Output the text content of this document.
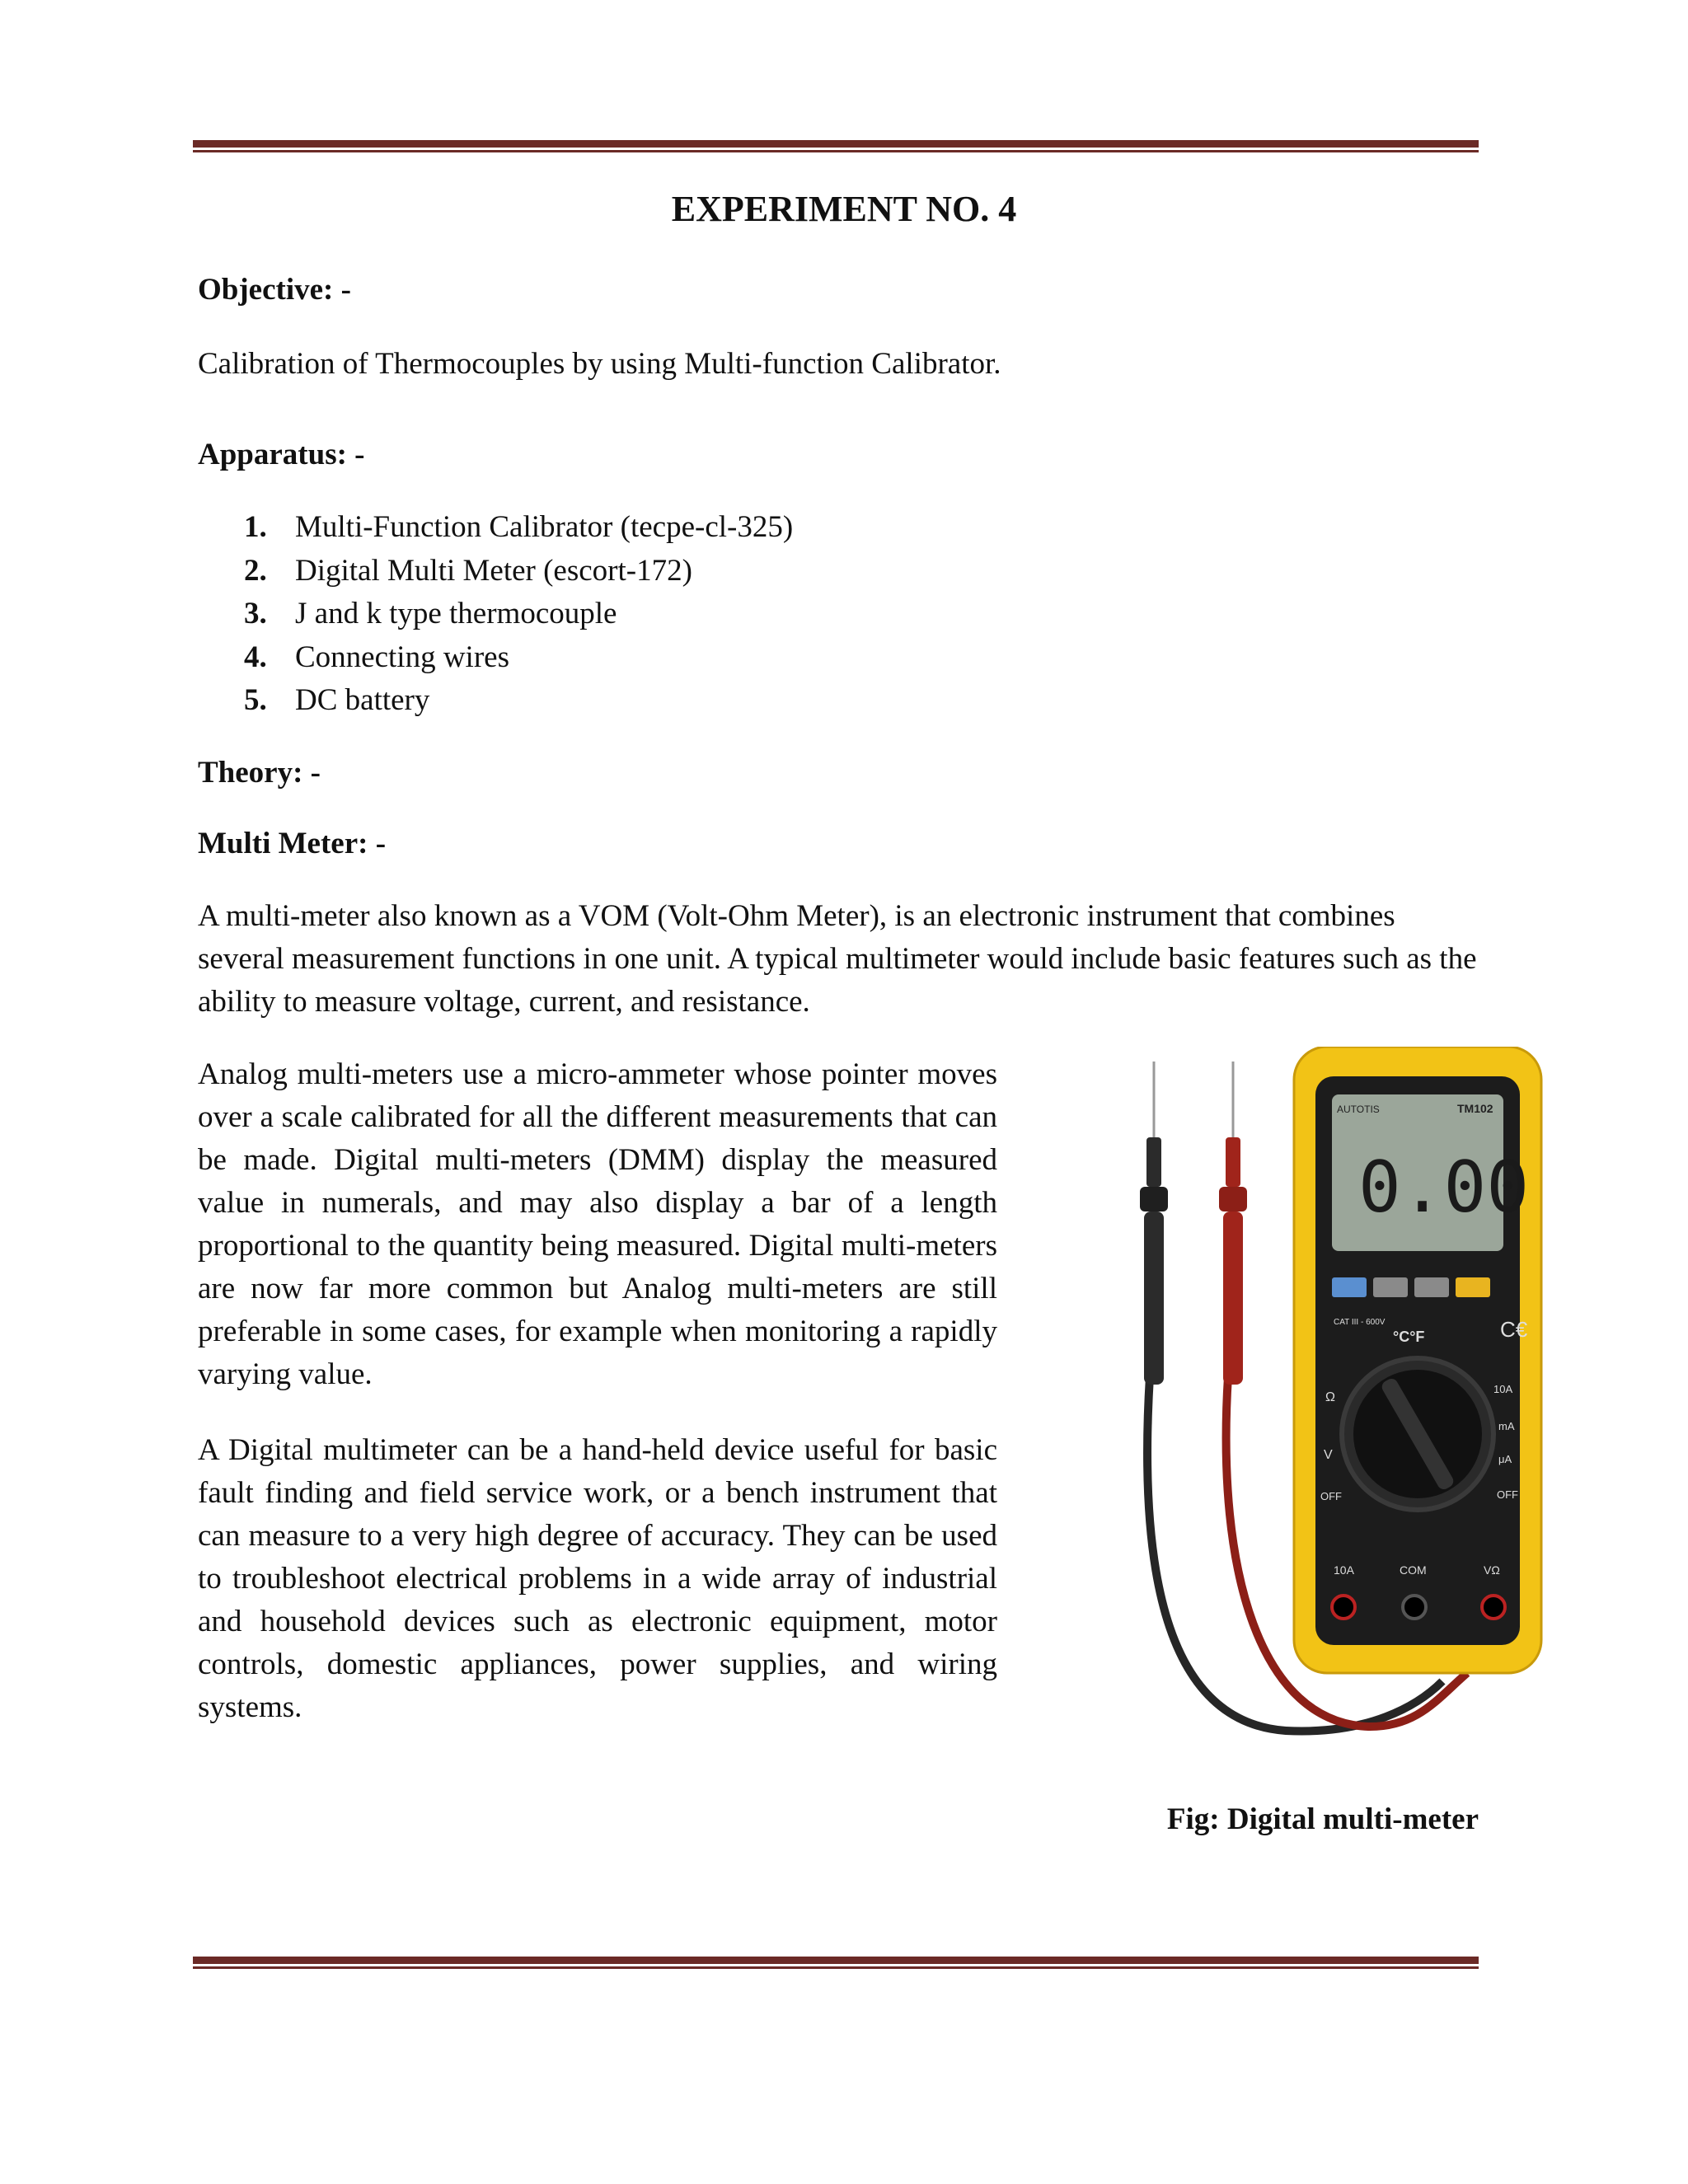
EXPERIMENT NO. 4
Objective: -
Calibration of Thermocouples by using Multi-function Calibrator.
Apparatus: -
1. Multi-Function Calibrator (tecpe-cl-325)
2. Digital Multi Meter (escort-172)
3. J and k type thermocouple
4. Connecting wires
5. DC battery
Theory: -
Multi Meter: -
A multi-meter also known as a VOM (Volt-Ohm Meter), is an electronic instrument that combines several measurement functions in one unit. A typical multimeter would include basic features such as the ability to measure voltage, current, and resistance.
Analog multi-meters use a micro-ammeter whose pointer moves over a scale calibrated for all the different measurements that can be made. Digital multi-meters (DMM) display the measured value in numerals, and may also display a bar of a length proportional to the quantity being measured. Digital multi-meters are now far more common but Analog multi-meters are still preferable in some cases, for example when monitoring a rapidly varying value.
A Digital multimeter can be a hand-held device useful for basic fault finding and field service work, or a bench instrument that can measure to a very high degree of accuracy. They can be used to troubleshoot electrical problems in a wide array of industrial and household devices such as electronic equipment, motor controls, domestic appliances, power supplies, and wiring systems.
AUTOTIS	TM102
0.00
CAT III - 600V	C€
Ω
V
OFF
10A
mA
μA
OFF
°C°F
10A	COM	VΩ
Fig: Digital multi-meter
